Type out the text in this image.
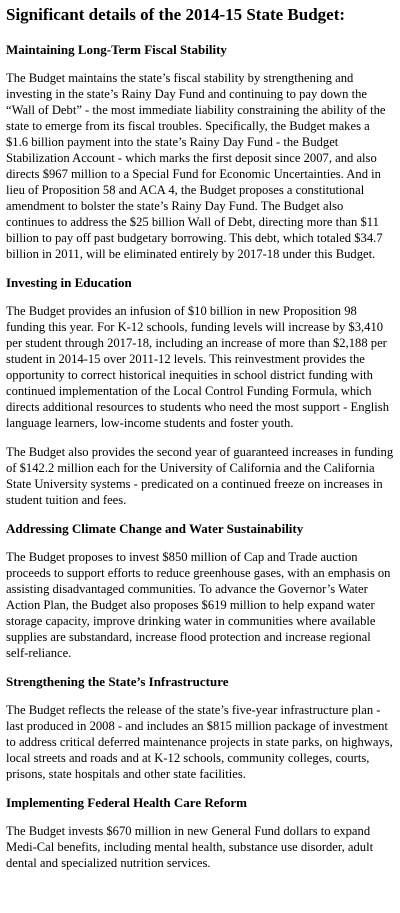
Significant details of the 2014-15 State Budget:
Maintaining Long-Term Fiscal Stability
The Budget maintains the state’s fiscal stability by strengthening and investing in the state’s Rainy Day Fund and continuing to pay down the “Wall of Debt” - the most immediate liability constraining the ability of the state to emerge from its fiscal troubles. Specifically, the Budget makes a $1.6 billion payment into the state’s Rainy Day Fund - the Budget Stabilization Account - which marks the first deposit since 2007, and also directs $967 million to a Special Fund for Economic Uncertainties. And in lieu of Proposition 58 and ACA 4, the Budget proposes a constitutional amendment to bolster the state’s Rainy Day Fund. The Budget also continues to address the $25 billion Wall of Debt, directing more than $11 billion to pay off past budgetary borrowing. This debt, which totaled $34.7 billion in 2011, will be eliminated entirely by 2017-18 under this Budget.
Investing in Education
The Budget provides an infusion of $10 billion in new Proposition 98 funding this year. For K-12 schools, funding levels will increase by $3,410 per student through 2017-18, including an increase of more than $2,188 per student in 2014-15 over 2011-12 levels. This reinvestment provides the opportunity to correct historical inequities in school district funding with continued implementation of the Local Control Funding Formula, which directs additional resources to students who need the most support - English language learners, low-income students and foster youth.
The Budget also provides the second year of guaranteed increases in funding of $142.2 million each for the University of California and the California State University systems - predicated on a continued freeze on increases in student tuition and fees.
Addressing Climate Change and Water Sustainability
The Budget proposes to invest $850 million of Cap and Trade auction proceeds to support efforts to reduce greenhouse gases, with an emphasis on assisting disadvantaged communities. To advance the Governor’s Water Action Plan, the Budget also proposes $619 million to help expand water storage capacity, improve drinking water in communities where available supplies are substandard, increase flood protection and increase regional self-reliance.
Strengthening the State’s Infrastructure
The Budget reflects the release of the state’s five-year infrastructure plan - last produced in 2008 - and includes an $815 million package of investment to address critical deferred maintenance projects in state parks, on highways, local streets and roads and at K-12 schools, community colleges, courts, prisons, state hospitals and other state facilities.
Implementing Federal Health Care Reform
The Budget invests $670 million in new General Fund dollars to expand Medi-Cal benefits, including mental health, substance use disorder, adult dental and specialized nutrition services.
